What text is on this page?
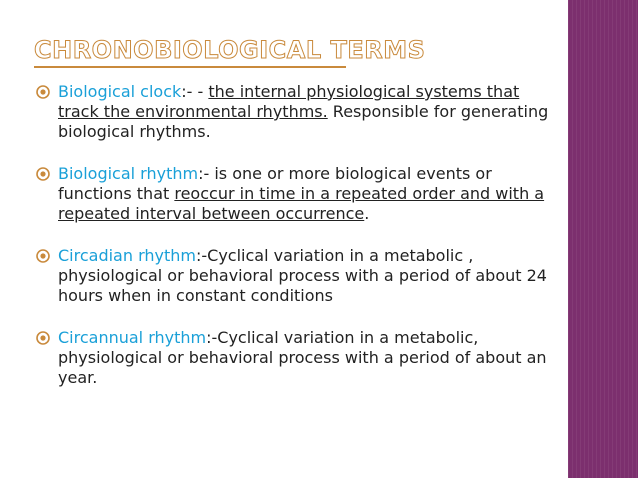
CHRONOBIOLOGICAL TERMS
Biological clock:- - the internal physiological systems that track the environmental rhythms. Responsible for generating biological rhythms.
Biological rhythm:- is one or more biological events or functions that reoccur in time in a repeated order and with a repeated interval between occurrence.
Circadian rhythm:-Cyclical variation in a metabolic , physiological or behavioral process with a period of about 24 hours when in constant conditions
Circannual rhythm:-Cyclical variation in a metabolic, physiological or behavioral process with a period of about an year.
